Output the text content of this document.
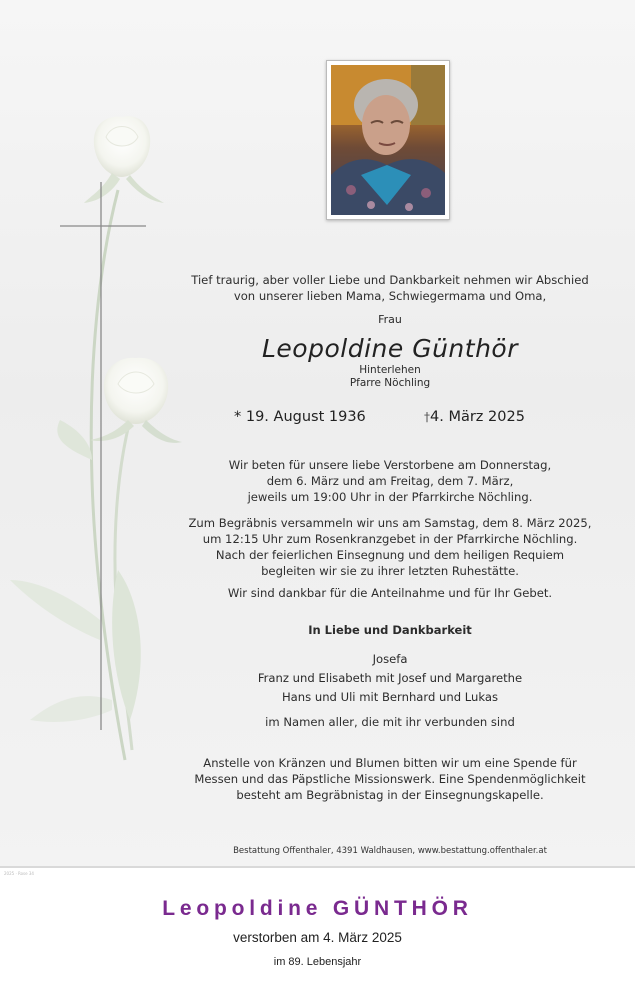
Tief traurig, aber voller Liebe und Dankbarkeit nehmen wir Abschied
von unserer lieben Mama, Schwiegermama und Oma,
Frau
Leopoldine Günthör
Hinterlehen
Pfarre Nöchling
* 19. August 1936	†4. März 2025
Wir beten für unsere liebe Verstorbene am Donnerstag,
dem 6. März und am Freitag, dem 7. März,
jeweils um 19:00 Uhr in der Pfarrkirche Nöchling.
Zum Begräbnis versammeln wir uns am Samstag, dem 8. März 2025,
um 12:15 Uhr zum Rosenkranzgebet in der Pfarrkirche Nöchling.
Nach der feierlichen Einsegnung und dem heiligen Requiem
begleiten wir sie zu ihrer letzten Ruhestätte.
Wir sind dankbar für die Anteilnahme und für Ihr Gebet.
In Liebe und Dankbarkeit
Josefa
Franz und Elisabeth mit Josef und Margarethe
Hans und Uli mit Bernhard und Lukas
im Namen aller, die mit ihr verbunden sind
Anstelle von Kränzen und Blumen bitten wir um eine Spende für
Messen und das Päpstliche Missionswerk. Eine Spendenmöglichkeit
besteht am Begräbnistag in der Einsegnungskapelle.
Bestattung Offenthaler, 4391 Waldhausen, www.bestattung.offenthaler.at
2025 · Rose 34
Leopoldine GÜNTHÖR
verstorben am 4. März 2025
im 89. Lebensjahr
